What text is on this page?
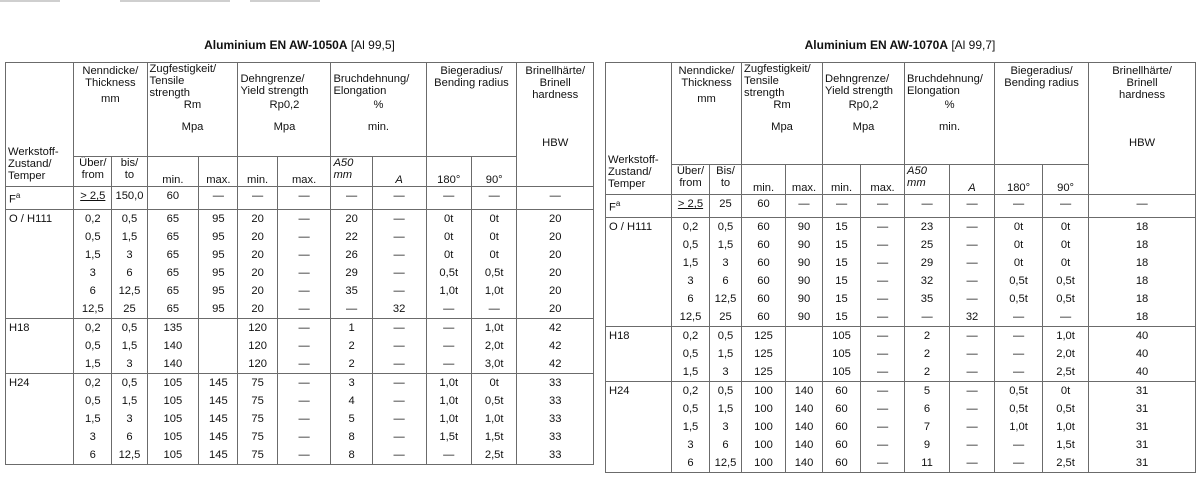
Aluminium EN AW-1050A [Al 99,5]
Werkstoff-
Zustand/
Temper	Nenndicke/
Thickness
mm		Zugfestigkeit/
Tensile
strength
Rm
Mpa		Dehngrenze/
Yield strength
Rp0,2
Mpa		Bruchdehnung/
Elongation
%
min.		Biegeradius/
Bending radius		Brinellhärte/
Brinell
hardness
HBW

	Über/
from	bis/
to	min.	max.	min.	max.	A50
mm	A	180°	90°	

$F^a$	> 2,5	150,0	60	—	—	—	—	—	—	—	—
O / H111	0,2	0,5	65	95	20	—	20	—	0t	0t	20
	0,5	1,5	65	95	20	—	22	—	0t	0t	20
	1,5	3	65	95	20	—	26	—	0t	0t	20
	3	6	65	95	20	—	29	—	0,5t	0,5t	20
	6	12,5	65	95	20	—	35	—	1,0t	1,0t	20
	12,5	25	65	95	20	—	—	32	—	—	20
H18	0,2	0,5	135		120	—	1	—	—	1,0t	42
	0,5	1,5	140		120	—	2	—	—	2,0t	42
	1,5	3	140		120	—	2	—	—	3,0t	42
H24	0,2	0,5	105	145	75	—	3	—	1,0t	0t	33
	0,5	1,5	105	145	75	—	4	—	1,0t	0,5t	33
	1,5	3	105	145	75	—	5	—	1,0t	1,0t	33
	3	6	105	145	75	—	8	—	1,5t	1,5t	33
	6	12,5	105	145	75	—	8	—	—	2,5t	33
Aluminium EN AW-1070A [Al 99,7]
Werkstoff-
Zustand/
Temper	Nenndicke/
Thickness
mm		Zugfestigkeit/
Tensile
strength
Rm
Mpa		Dehngrenze/
Yield strength
Rp0,2
Mpa		Bruchdehnung/
Elongation
%
min.		Biegeradius/
Bending radius		Brinellhärte/
Brinell
hardness
HBW

	Über/
from	Bis/
to	min.	max.	min.	max.	A50
mm	A	180°	90°	

$F^a$	> 2,5	25	60	—	—	—	—	—	—	—	—
O / H111	0,2	0,5	60	90	15	—	23	—	0t	0t	18
	0,5	1,5	60	90	15	—	25	—	0t	0t	18
	1,5	3	60	90	15	—	29	—	0t	0t	18
	3	6	60	90	15	—	32	—	0,5t	0,5t	18
	6	12,5	60	90	15	—	35	—	0,5t	0,5t	18
	12,5	25	60	90	15	—	—	32	—	—	18
H18	0,2	0,5	125		105	—	2	—	—	1,0t	40
	0,5	1,5	125		105	—	2	—	—	2,0t	40
	1,5	3	125		105	—	2	—	—	2,5t	40
H24	0,2	0,5	100	140	60	—	5	—	0,5t	0t	31
	0,5	1,5	100	140	60	—	6	—	0,5t	0,5t	31
	1,5	3	100	140	60	—	7	—	1,0t	1,0t	31
	3	6	100	140	60	—	9	—	—	1,5t	31
	6	12,5	100	140	60	—	11	—	—	2,5t	31
